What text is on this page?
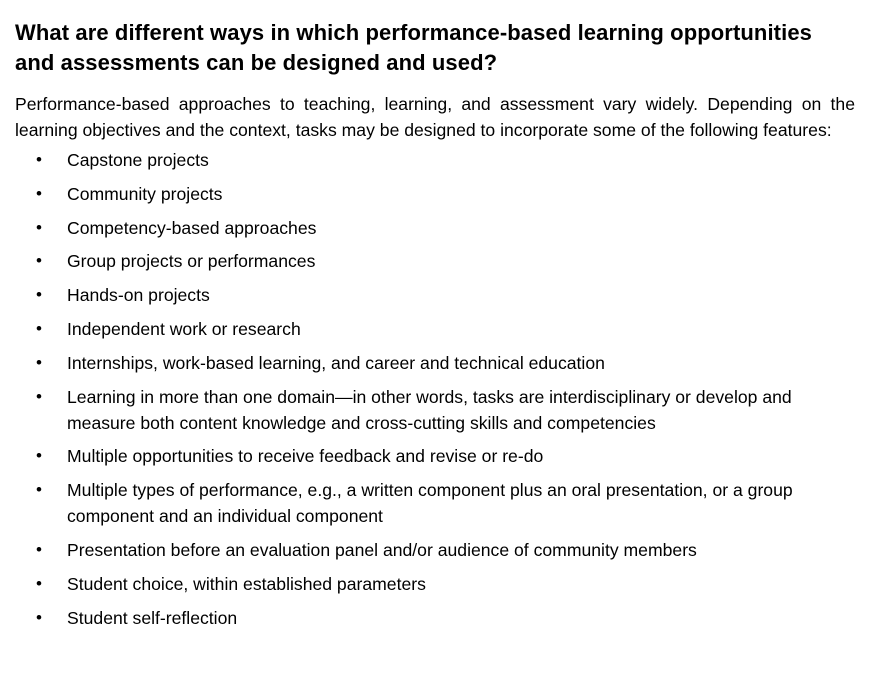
What are different ways in which performance-based learning opportunities and assessments can be designed and used?

Performance-based approaches to teaching, learning, and assessment vary widely. Depending on the learning objectives and the context, tasks may be designed to incorporate some of the following features:

• Capstone projects
• Community projects
• Competency-based approaches
• Group projects or performances
• Hands-on projects
• Independent work or research
• Internships, work-based learning, and career and technical education
• Learning in more than one domain—in other words, tasks are interdisciplinary or develop and measure both content knowledge and cross-cutting skills and competencies
• Multiple opportunities to receive feedback and revise or re-do
• Multiple types of performance, e.g., a written component plus an oral presentation, or a group component and an individual component
• Presentation before an evaluation panel and/or audience of community members
• Student choice, within established parameters
• Student self-reflection
